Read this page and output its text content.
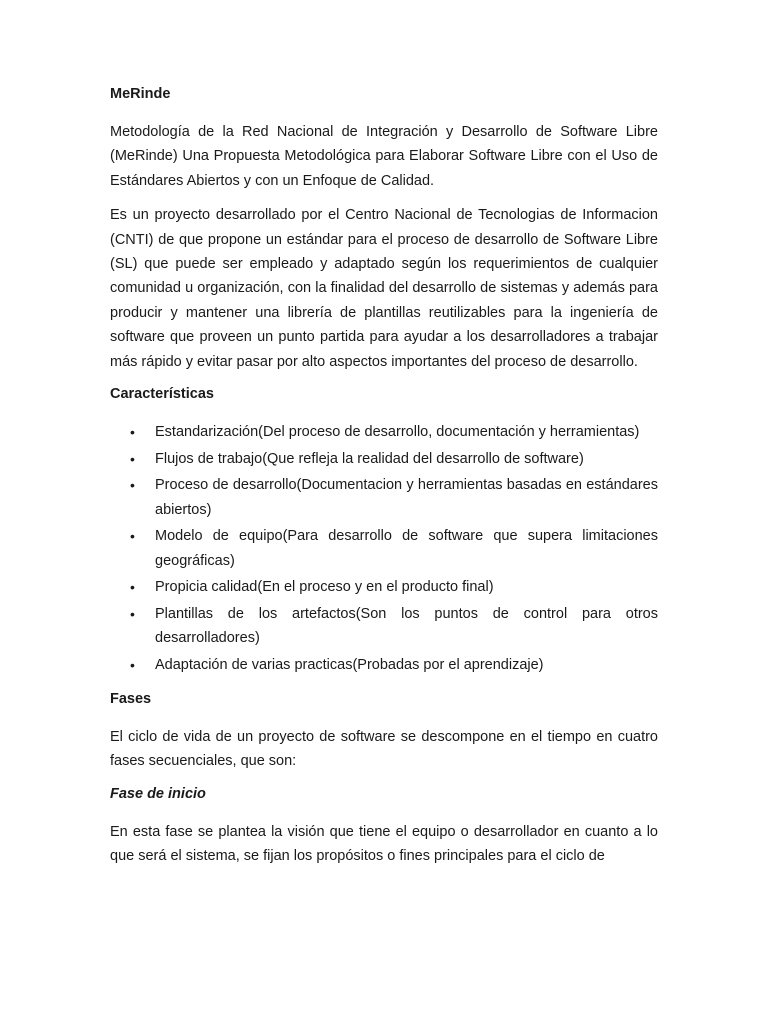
MeRinde

Metodología de la Red Nacional de Integración y Desarrollo de Software Libre (MeRinde) Una Propuesta Metodológica para Elaborar Software Libre con el Uso de Estándares Abiertos y con un Enfoque de Calidad.

Es un proyecto desarrollado por el Centro Nacional de Tecnologias de Informacion (CNTI) de que propone un estándar para el proceso de desarrollo de Software Libre (SL) que puede ser empleado y adaptado según los requerimientos de cualquier comunidad u organización, con la finalidad del desarrollo de sistemas y además para producir y mantener una librería de plantillas reutilizables para la ingeniería de software que proveen un punto partida para ayudar a los desarrolladores a trabajar más rápido y evitar pasar por alto aspectos importantes del proceso de desarrollo.

Características
• Estandarización(Del proceso de desarrollo, documentación y herramientas)
• Flujos de trabajo(Que refleja la realidad del desarrollo de software)
• Proceso de desarrollo(Documentacion y herramientas basadas en estándares abiertos)
• Modelo de equipo(Para desarrollo de software que supera limitaciones geográficas)
• Propicia calidad(En el proceso y en el producto final)
• Plantillas de los artefactos(Son los puntos de control para otros desarrolladores)
• Adaptación de varias practicas(Probadas por el aprendizaje)
Fases

El ciclo de vida de un proyecto de software se descompone en el tiempo en cuatro fases secuenciales, que son:

Fase de inicio

En esta fase se plantea la visión que tiene el equipo o desarrollador en cuanto a lo que será el sistema, se fijan los propósitos o fines principales para el ciclo de
